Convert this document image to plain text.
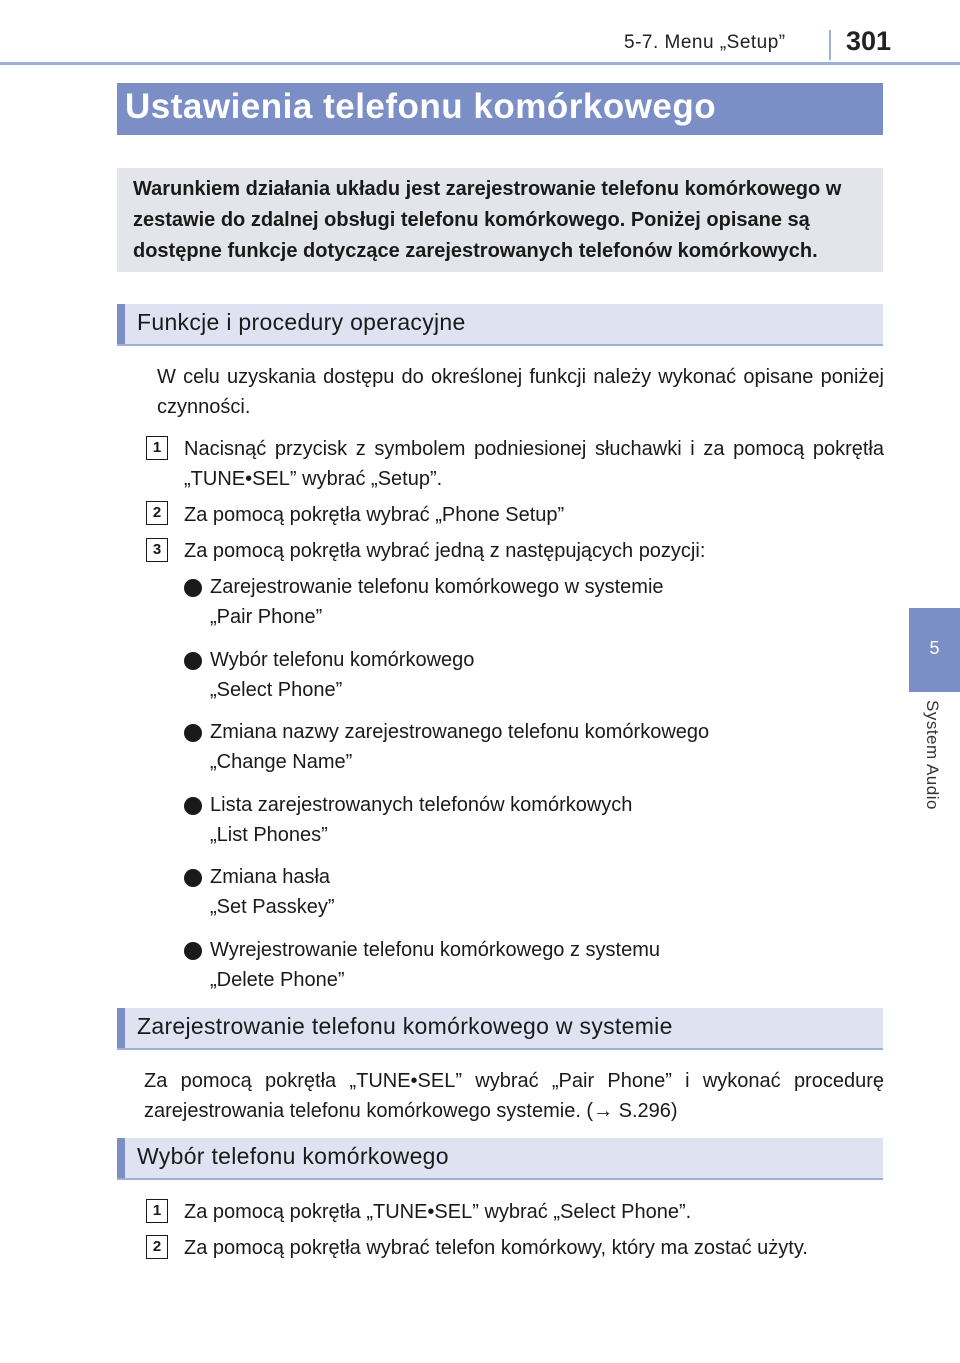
5-7. Menu „Setup” 301
5
System Audio
Ustawienia telefonu komórkowego
Warunkiem działania układu jest zarejestrowanie telefonu komórkowego w zestawie do zdalnej obsługi telefonu komórkowego. Poniżej opisane są dostępne funkcje dotyczące zarejestrowanych telefonów komórkowych.
Funkcje i procedury operacyjne
W celu uzyskania dostępu do określonej funkcji należy wykonać opisane poniżej czynności.
1	Nacisnąć przycisk z symbolem podniesionej słuchawki i za pomocą pokrętła „TUNE•SEL” wybrać „Setup”.
2	Za pomocą pokrętła wybrać „Phone Setup”
3	Za pomocą pokrętła wybrać jedną z następujących pozycji:
Zarejestrowanie telefonu komórkowego w systemie
„Pair Phone”
Wybór telefonu komórkowego
„Select Phone”
Zmiana nazwy zarejestrowanego telefonu komórkowego
„Change Name”
Lista zarejestrowanych telefonów komórkowych
„List Phones”
Zmiana hasła
„Set Passkey”
Wyrejestrowanie telefonu komórkowego z systemu
„Delete Phone”
Zarejestrowanie telefonu komórkowego w systemie
Za pomocą pokrętła „TUNE•SEL” wybrać „Pair Phone” i wykonać procedurę zarejestrowania telefonu komórkowego systemie. (→ S.296)
Wybór telefonu komórkowego
1	Za pomocą pokrętła „TUNE•SEL” wybrać „Select Phone”.
2	Za pomocą pokrętła wybrać telefon komórkowy, który ma zostać użyty.
